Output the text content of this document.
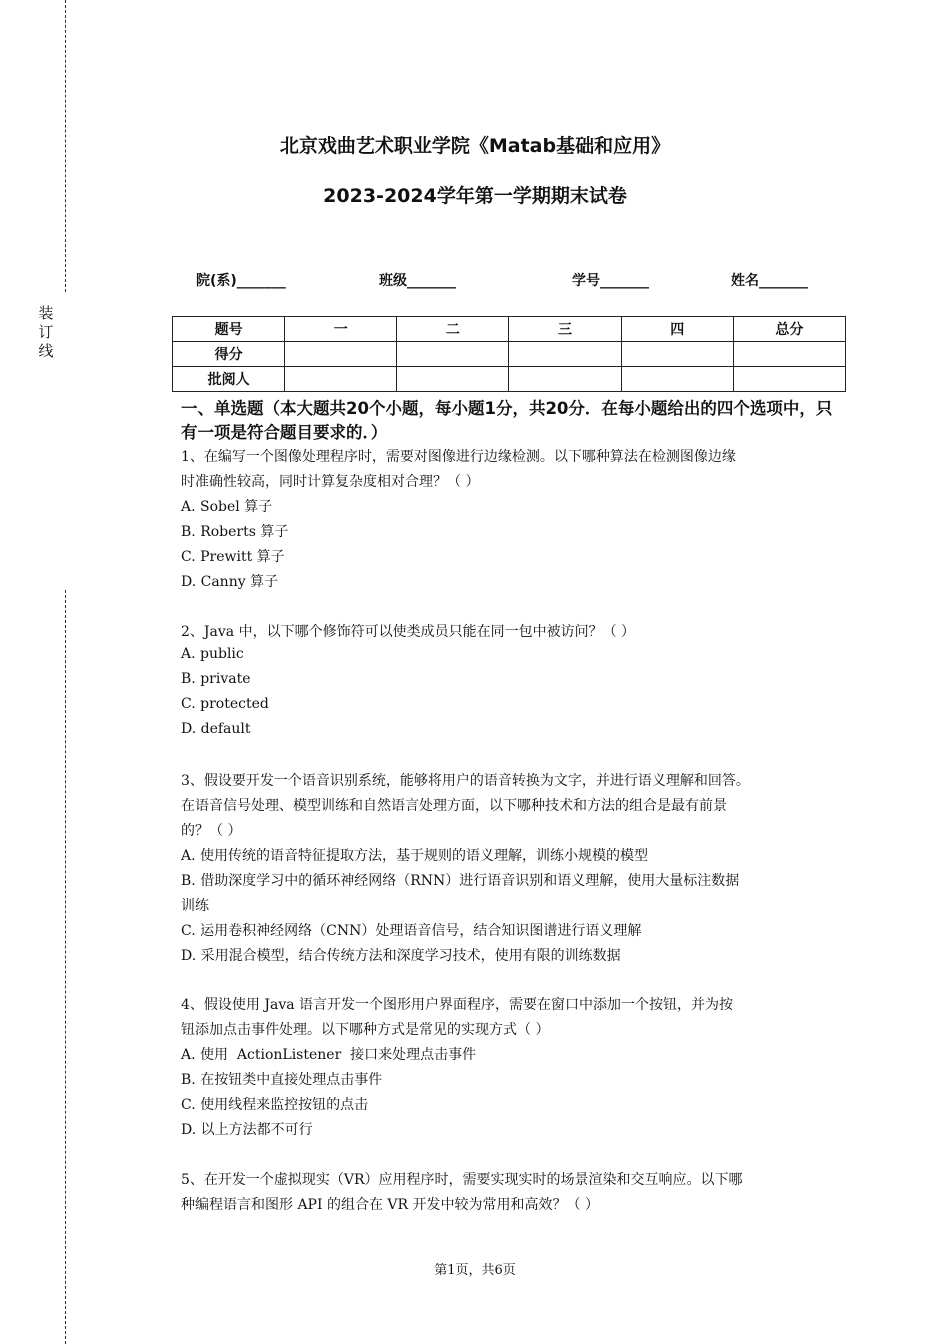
装订线
北京戏曲艺术职业学院《Matab基础和应用》
2023-2024学年第一学期期末试卷
院(系)_______	班级_______	学号_______	姓名_______
题号	一	二	三	四	总分
得分					
批阅人					
一、单选题（本大题共20个小题，每小题1分，共20分．在每小题给出的四个选项中，只有一项是符合题目要求的．）
1、在编写一个图像处理程序时，需要对图像进行边缘检测。以下哪种算法在检测图像边缘
时准确性较高，同时计算复杂度相对合理？（ ）
A. Sobel 算子
B. Roberts 算子
C. Prewitt 算子
D. Canny 算子
2、Java 中，以下哪个修饰符可以使类成员只能在同一包中被访问？（ ）
A. public
B. private
C. protected
D. default
3、假设要开发一个语音识别系统，能够将用户的语音转换为文字，并进行语义理解和回答。
在语音信号处理、模型训练和自然语言处理方面，以下哪种技术和方法的组合是最有前景
的？（ ）
A. 使用传统的语音特征提取方法，基于规则的语义理解，训练小规模的模型
B. 借助深度学习中的循环神经网络（RNN）进行语音识别和语义理解，使用大量标注数据
训练
C. 运用卷积神经网络（CNN）处理语音信号，结合知识图谱进行语义理解
D. 采用混合模型，结合传统方法和深度学习技术，使用有限的训练数据
4、假设使用 Java 语言开发一个图形用户界面程序，需要在窗口中添加一个按钮，并为按
钮添加点击事件处理。以下哪种方式是常见的实现方式（ ）
A. 使用  ActionListener  接口来处理点击事件
B. 在按钮类中直接处理点击事件
C. 使用线程来监控按钮的点击
D. 以上方法都不可行
5、在开发一个虚拟现实（VR）应用程序时，需要实现实时的场景渲染和交互响应。以下哪
种编程语言和图形 API 的组合在 VR 开发中较为常用和高效？（ ）
第1页，共6页
